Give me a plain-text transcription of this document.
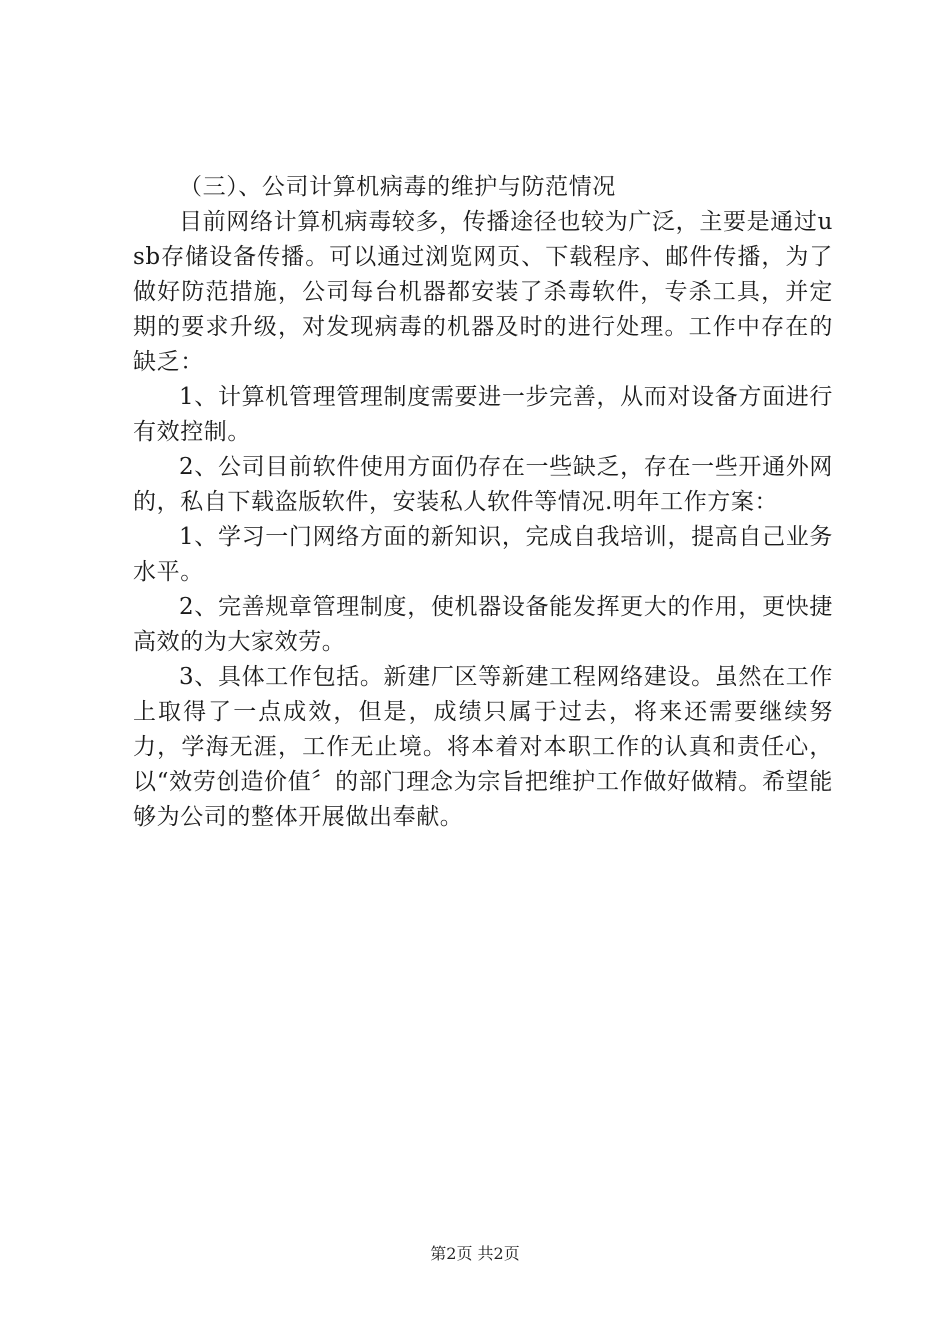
（三）、公司计算机病毒的维护与防范情况

目前网络计算机病毒较多，传播途径也较为广泛，主要是通过usb存储设备传播。可以通过浏览网页、下载程序、邮件传播，为了做好防范措施，公司每台机器都安装了杀毒软件，专杀工具，并定期的要求升级，对发现病毒的机器及时的进行处理。工作中存在的缺乏：

1、计算机管理管理制度需要进一步完善，从而对设备方面进行有效控制。

2、公司目前软件使用方面仍存在一些缺乏，存在一些开通外网的，私自下载盗版软件，安装私人软件等情况.明年工作方案：

1、学习一门网络方面的新知识，完成自我培训，提高自己业务水平。

2、完善规章管理制度，使机器设备能发挥更大的作用，更快捷高效的为大家效劳。

3、具体工作包括。新建厂区等新建工程网络建设。虽然在工作上取得了一点成效，但是，成绩只属于过去，将来还需要继续努力，学海无涯，工作无止境。将本着对本职工作的认真和责任心，以“效劳创造价值〞的部门理念为宗旨把维护工作做好做精。希望能够为公司的整体开展做出奉献。

第2页 共2页
